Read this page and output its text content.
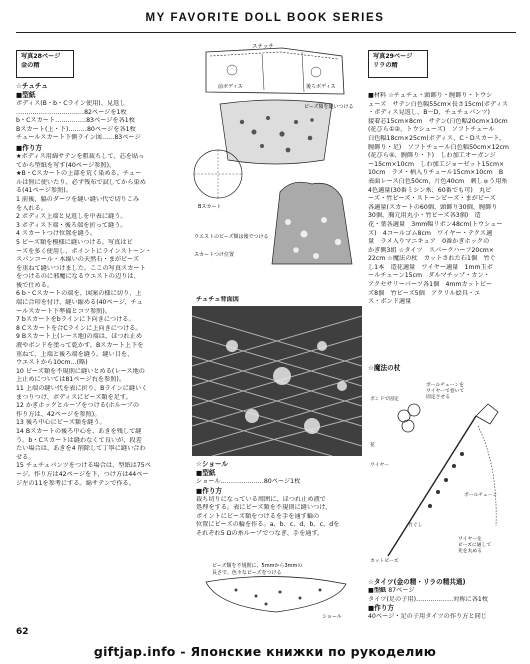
MY FAVORITE DOLL BOOK SERIES
写真28ページ
金の精
☆チュチュ
■型紙
ボディス(B・b・Cライン使用)、見返し
……………………………82ページを1枚
b・Cスカート……………83ページを各1枚
Bスカート(上・下)………80ページを各1枚
チュールスカート下側ライン図……83ページ
■作り方
★ボディス用綿サテンを粗裁ちして、芯を貼っ
てから型紙を写す(40ページ参照)。
★B・Cスカートの上部を荒く染める。チュー
ルは無に使いたり、必ず残布で試してから染め
る(41ページ参照)。
1 前後、脇のダーツを縫い縫い代で切りこみ
を入れる。
2 ボディス上端と見返しを中表に縫う。
3 ボディス下端・後ろ端を折って縫う。
4 スカートつけ位置を縫う。
5 ビーズ類を模様に縫いつける。写真はビ
ーズを多く使用し、ポイントにラインストーン・
スパンコール・木綿いの天然石・まがビーズ
を重ねて縫いつけました。ここの写真スカート
をつけるのに邪魔になるウエストの辺りは、
後で仕める。
6 b・Cスカートの端を、図案の様に切り、上
端に合印を付け、縫い縮める(40ページ、チュ
ールスカート下準備とコツ参照)。
7 bスカートをbラインに下向きにつける。
8 Cスカートを合Cラインに上向きにつける。
9 Bスカート上(レース地)の端は、ほつれ止め
液やボンドを塗って乾かす。Bスカート上下を
重ねて、上端と後ろ端を縫う。縫い目を、
ウエストから10cm…(略)
10 ビーズ類を不規則に縫いとめる(レース地の
上止めについては81ページ右を参照)。
11 上端の縫い代を表に折り、Bラインに縫いく
まつりつけ、ボディスにビーズ類を足す。
12 かぎホックとループをつける(ホループの
作り方は、42ページを参照)。
13 後ろ中心にビーズ類を縫う。
14 Bスカートの後ろ中心を、あきを残して縫
う。b・Cスカートは縫わなくて良いが、段差
たい場合は、あきを4 削除して丁寧に縫い合わ
せる。
15 チュチュパンツをつける場合は、型紙は75ペ
ージ。作り方は42ページを下、つけ方は44ペー
ジ左の11を参考にする。綿サテンで作る。
ステッチ
前ボディス	後ろボディス
ビーズ類を縫いつける
Bスカート
ウエストのビーズ類は後でつける
スカートつけ位置
チュチュ背面図
☆ショール
■型紙
ショール…………………80ページ1枚
■作り方
裁ち切りになっている周囲に、ほつれ止め液で
処理をする。表にビーズ類を不規則に縫いつけ、
ポイントにビーズ類をつけるを手を通す輪の
位置にビーズの輪を作る。a、b、c、d、b、c、dを
それぞれ5 Ωの糸ループでつなぎ、手を通す。
ビーズ類を不規則に、5mmから3mmの
長さで、色々なビーズをつける
ショール
写真29ページ
リラの精
■材料 ☆チュチュ・頭飾り・腕飾り・トウシ
ューズ　サテン白色幅55cm×長さ15cm(ボディス
・ボディス見返し、B～D、チュチュパンツ)
接着芯15cm×8cm　サテン(白色幅20cm×10cm
(花びら①②、トウシューズ)　ソフトチュール
白色幅18cm×25cm(ボディス、C・Dスカート、
腕飾り・足)　ソフトチュール白色幅50cm×12cm
(花びら④、腕飾り・下)　しわ加工オーガンジ
ー15cm×10cm　しわ加工ジョーゼット15cm×
10cm　ラメ・柄入りチュール15cm×10cm　B
表面レース白色50cm、片色40cm　刺しゅう用糸
4色適量(30番ミシン糸、60番でも可)　丸ビ
ーズ・竹ビーズ・ストーンビーズ・まがビーズ
各適量(スカートの60個、頭飾り30個、腕飾り
30個、胸元用丸小・竹ビーズ各3個)　造
花・葉各適量　3mm幅リボン48cm(トウシュー
ズ)　4コールゴム8cm　ワイヤー・テクス適
量　ラメ入りマニキュア　0番かぎホックの
かぎ側3組 ☆タイツ　スパークハーフ20cm×
22cm ☆魔法の杖　カットされた石1個　竹ぐ
し1本　造花適量　ワイヤー適量　1mm玉ボ
ールチェーン15cm　ダルマチップ・カン・
アクセサリーパーツ各1個　4mmカットビー
ズ8個　竹ビーズ5個　アクリル絵具・エ
ス・ボンド適量
☆魔法の杖
ボールチェーンを
ワイヤーで巻いて
固定させる
ボンドで固定
花
ワイヤー
竹ぐし
カットビーズ
ボールチェーン
ワイヤーを
ビーズに通して
先を丸める
☆タイツ(金の精・リラの精共通)
■型紙 87ページ
タイツ(足の子用)………………対称に各1枚
■作り方
40ページ・足の子用タイツの作り方と同じ
62
giftjap.info - Японские книжки по рукоделию
